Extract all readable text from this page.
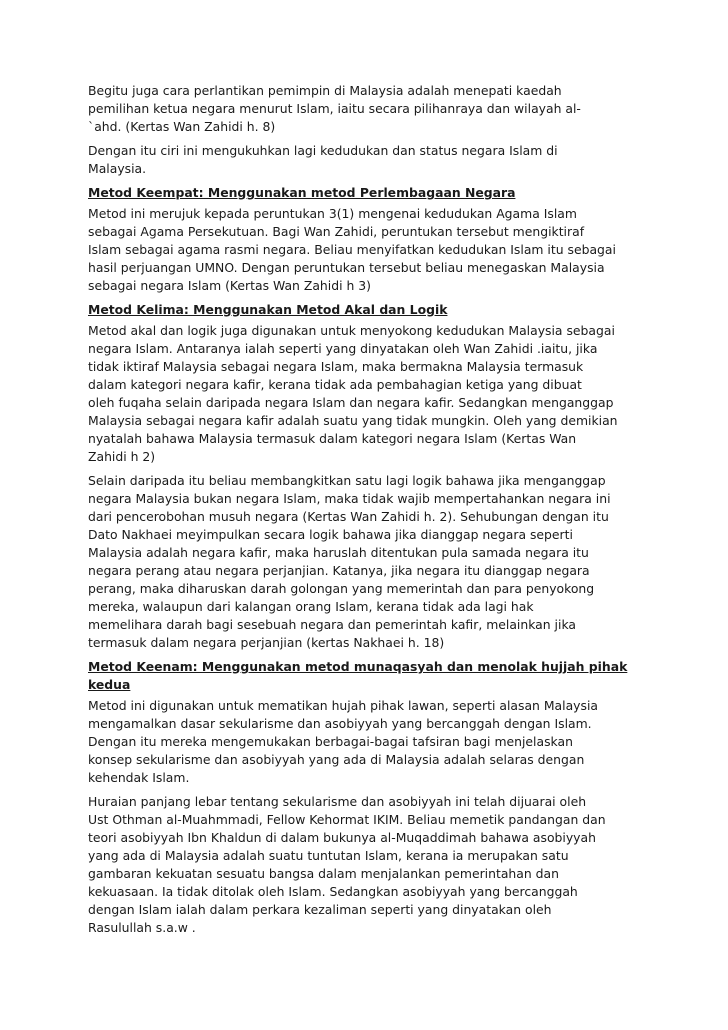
Begitu juga cara perlantikan pemimpin di Malaysia adalah menepati kaedah
pemilihan ketua negara menurut Islam, iaitu secara pilihanraya dan wilayah al-
`ahd. (Kertas Wan Zahidi h. 8)
Dengan itu ciri ini mengukuhkan lagi kedudukan dan status negara Islam di
Malaysia.
Metod Keempat: Menggunakan metod Perlembagaan Negara
Metod ini merujuk kepada peruntukan 3(1) mengenai kedudukan Agama Islam
sebagai Agama Persekutuan. Bagi Wan Zahidi, peruntukan tersebut mengiktiraf
Islam sebagai agama rasmi negara. Beliau menyifatkan kedudukan Islam itu sebagai
hasil perjuangan UMNO. Dengan peruntukan tersebut beliau menegaskan Malaysia
sebagai negara Islam (Kertas Wan Zahidi h 3)
Metod Kelima: Menggunakan Metod Akal dan Logik
Metod akal dan logik juga digunakan untuk menyokong kedudukan Malaysia sebagai
negara Islam. Antaranya ialah seperti yang dinyatakan oleh Wan Zahidi .iaitu, jika
tidak iktiraf Malaysia sebagai negara Islam, maka bermakna Malaysia termasuk
dalam kategori negara kafir, kerana tidak ada pembahagian ketiga yang dibuat
oleh fuqaha selain daripada negara Islam dan negara kafir. Sedangkan menganggap
Malaysia sebagai negara kafir adalah suatu yang tidak mungkin. Oleh yang demikian
nyatalah bahawa Malaysia termasuk dalam kategori negara Islam (Kertas Wan
Zahidi h 2)
Selain daripada itu beliau membangkitkan satu lagi logik bahawa jika menganggap
negara Malaysia bukan negara Islam, maka tidak wajib mempertahankan negara ini
dari pencerobohan musuh negara (Kertas Wan Zahidi h. 2). Sehubungan dengan itu
Dato Nakhaei meyimpulkan secara logik bahawa jika dianggap negara seperti
Malaysia adalah negara kafir, maka haruslah ditentukan pula samada negara itu
negara perang atau negara perjanjian. Katanya, jika negara itu dianggap negara
perang, maka diharuskan darah golongan yang memerintah dan para penyokong
mereka, walaupun dari kalangan orang Islam, kerana tidak ada lagi hak
memelihara darah bagi sesebuah negara dan pemerintah kafir, melainkan jika
termasuk dalam negara perjanjian (kertas Nakhaei h. 18)
Metod Keenam: Menggunakan metod munaqasyah dan menolak hujjah pihak
kedua
Metod ini digunakan untuk mematikan hujah pihak lawan, seperti alasan Malaysia
mengamalkan dasar sekularisme dan asobiyyah yang bercanggah dengan Islam.
Dengan itu mereka mengemukakan berbagai-bagai tafsiran bagi menjelaskan
konsep sekularisme dan asobiyyah yang ada di Malaysia adalah selaras dengan
kehendak Islam.
Huraian panjang lebar tentang sekularisme dan asobiyyah ini telah dijuarai oleh
Ust Othman al-Muahmmadi, Fellow Kehormat IKIM. Beliau memetik pandangan dan
teori asobiyyah Ibn Khaldun di dalam bukunya al-Muqaddimah bahawa asobiyyah
yang ada di Malaysia adalah suatu tuntutan Islam, kerana ia merupakan satu
gambaran kekuatan sesuatu bangsa dalam menjalankan pemerintahan dan
kekuasaan. Ia tidak ditolak oleh Islam. Sedangkan asobiyyah yang bercanggah
dengan Islam ialah dalam perkara kezaliman seperti yang dinyatakan oleh
Rasulullah s.a.w .
